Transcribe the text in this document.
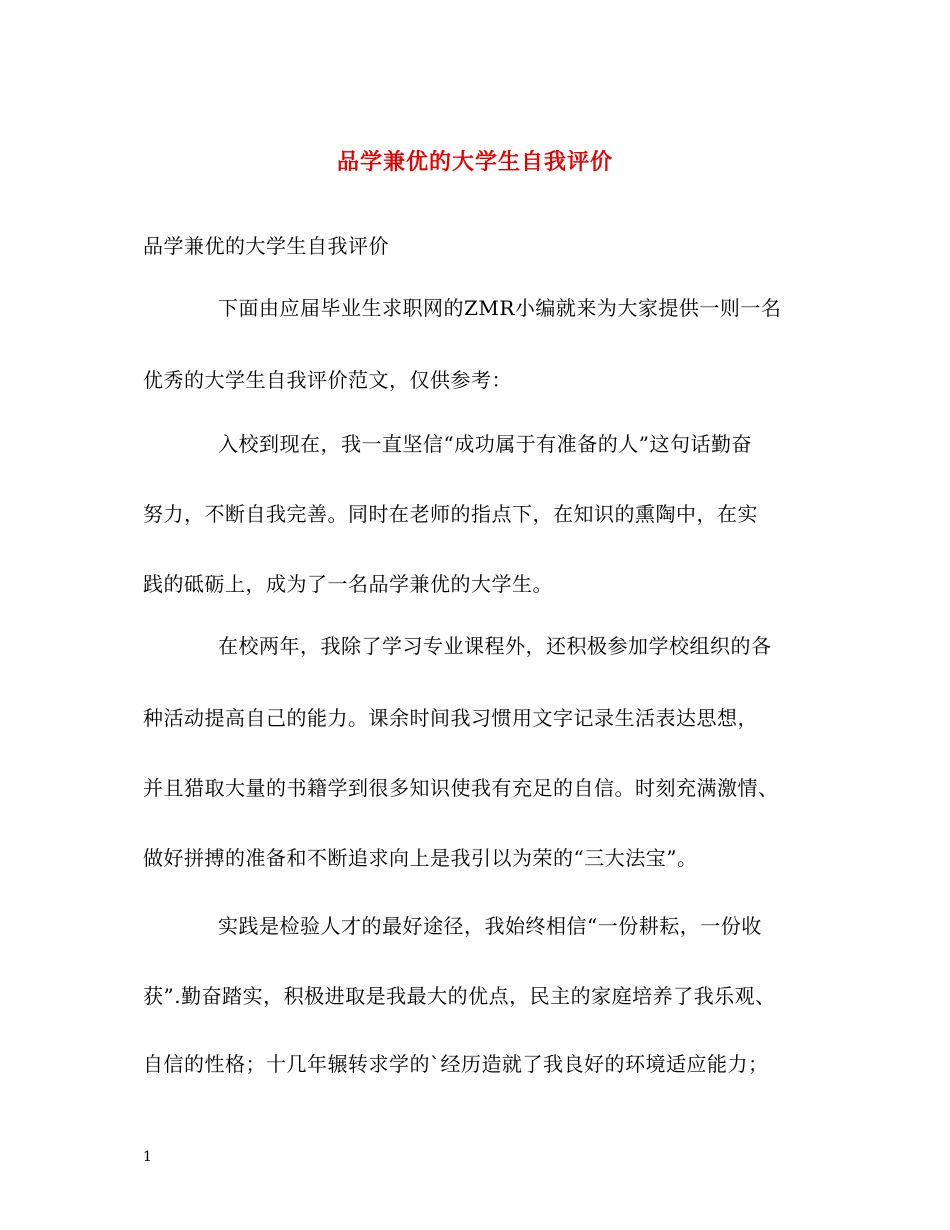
品学兼优的大学生自我评价
品学兼优的大学生自我评价
下面由应届毕业生求职网的ZMR小编就来为大家提供一则一名
优秀的大学生自我评价范文，仅供参考：
入校到现在，我一直坚信“成功属于有准备的人”这句话勤奋
努力，不断自我完善。同时在老师的指点下，在知识的熏陶中，在实
践的砥砺上，成为了一名品学兼优的大学生。
在校两年，我除了学习专业课程外，还积极参加学校组织的各
种活动提高自己的能力。课余时间我习惯用文字记录生活表达思想，
并且猎取大量的书籍学到很多知识使我有充足的自信。时刻充满激情、
做好拼搏的准备和不断追求向上是我引以为荣的“三大法宝”。
实践是检验人才的最好途径，我始终相信“一份耕耘，一份收
获”.勤奋踏实，积极进取是我最大的优点，民主的家庭培养了我乐观、
自信的性格；十几年辗转求学的`经历造就了我良好的环境适应能力；
1
